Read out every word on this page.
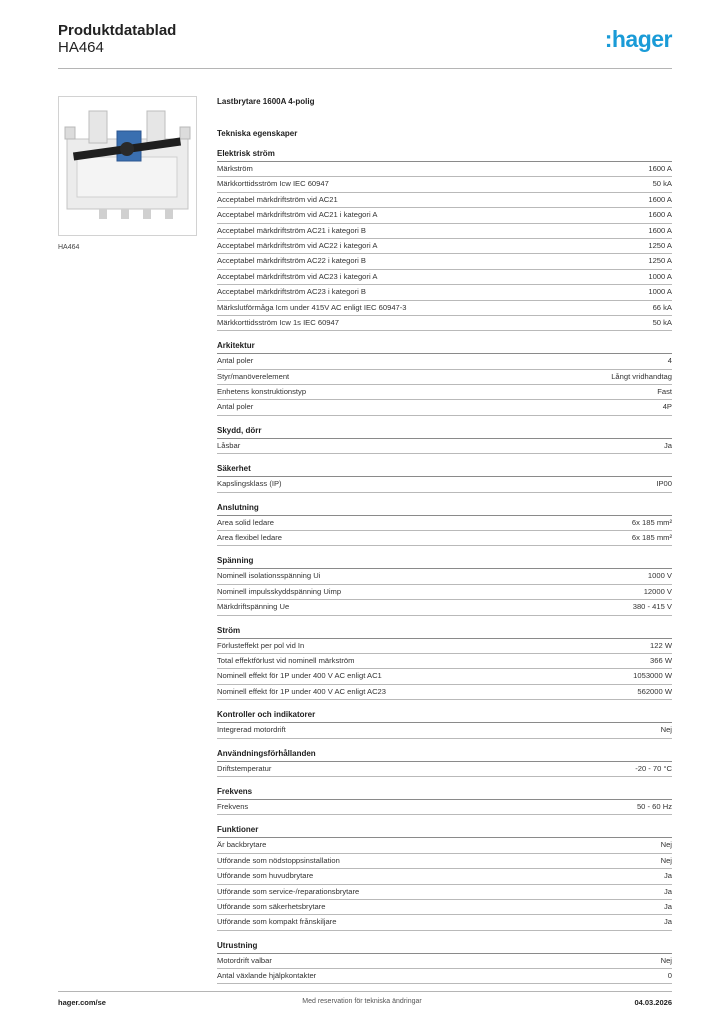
Produktdatablad
HA464	:hager
HA464
Lastbrytare 1600A 4-polig
Tekniska egenskaper
Elektrisk ström
Märkström	1600 A
Märkkorttidsström Icw IEC 60947	50 kA
Acceptabel märkdriftström vid AC21	1600 A
Acceptabel märkdriftström vid AC21 i kategori A	1600 A
Acceptabel märkdriftström AC21 i kategori B	1600 A
Acceptabel märkdriftström vid AC22 i kategori A	1250 A
Acceptabel märkdriftström AC22 i kategori B	1250 A
Acceptabel märkdriftström vid AC23 i kategori A	1000 A
Acceptabel märkdriftström AC23 i kategori B	1000 A
Märkslutförmåga Icm under 415V AC enligt IEC 60947-3	66 kA
Märkkorttidsström Icw 1s IEC 60947	50 kA
Arkitektur
Antal poler	4
Styr/manöverelement	Långt vridhandtag
Enhetens konstruktionstyp	Fast
Antal poler	4P
Skydd, dörr
Låsbar	Ja
Säkerhet
Kapslingsklass (IP)	IP00
Anslutning
Area solid ledare	6x 185 mm²
Area flexibel ledare	6x 185 mm²
Spänning
Nominell isolationsspänning Ui	1000 V
Nominell impulsskyddspänning Uimp	12000 V
Märkdriftspänning Ue	380 - 415 V
Ström
Förlusteffekt per pol vid In	122 W
Total effektförlust vid nominell märkström	366 W
Nominell effekt för 1P under 400 V AC enligt AC1	1053000 W
Nominell effekt för 1P under 400 V AC enligt AC23	562000 W
Kontroller och indikatorer
Integrerad motordrift	Nej
Användningsförhållanden
Driftstemperatur	-20 - 70 °C
Frekvens
Frekvens	50 - 60 Hz
Funktioner
Är backbrytare	Nej
Utförande som nödstoppsinstallation	Nej
Utförande som huvudbrytare	Ja
Utförande som service-/reparationsbrytare	Ja
Utförande som säkerhetsbrytare	Ja
Utförande som kompakt frånskiljare	Ja
Utrustning
Motordrift valbar	Nej
Antal växlande hjälpkontakter	0
hager.com/se	Med reservation för tekniska ändringar	04.03.2026
